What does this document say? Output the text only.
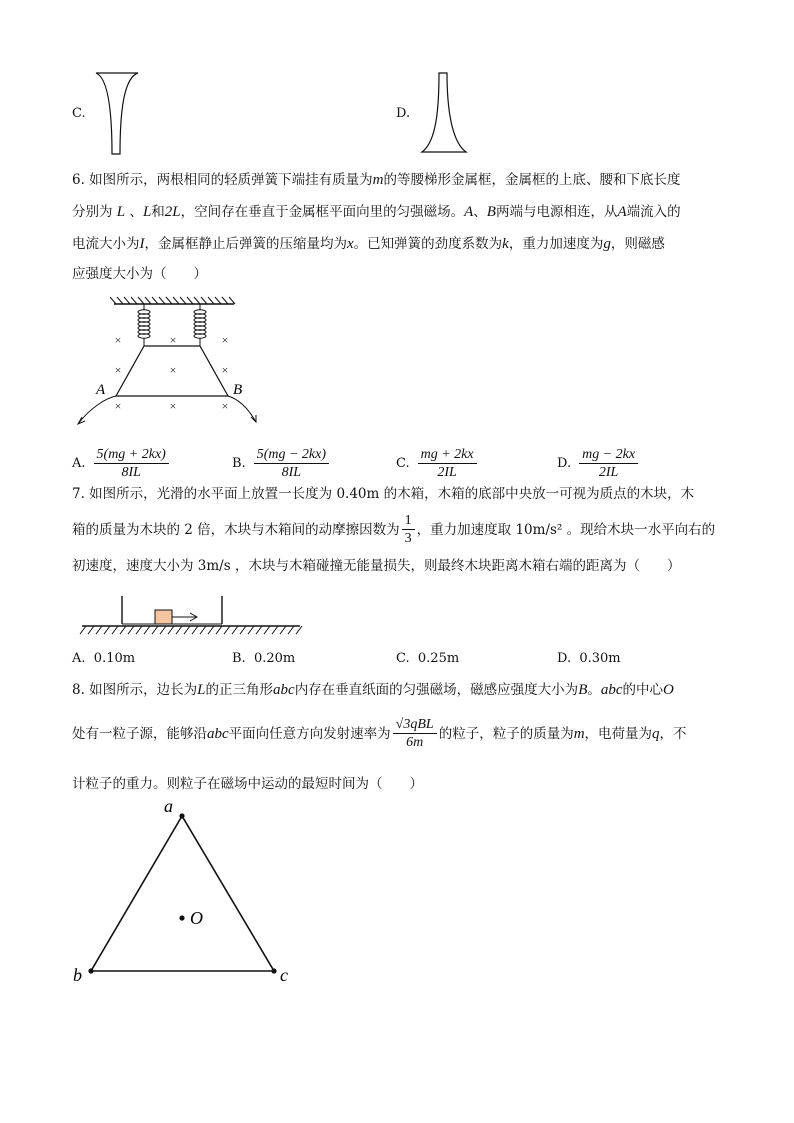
C.	D.
6. 如图所示，两根相同的轻质弹簧下端挂有质量为m的等腰梯形金属框，金属框的上底、腰和下底长度
分别为 L 、L和2L，空间存在垂直于金属框平面向里的匀强磁场。A、B两端与电源相连，从A端流入的
电流大小为I，金属框静止后弹簧的压缩量均为x。已知弹簧的劲度系数为k，重力加速度为g，则磁感
应强度大小为（　　）
×	×	×
×	×	×
×	×	×
A	B
A. $\frac{5(mg + 2kx)}{8IL}$	B. $\frac{5(mg - 2kx)}{8IL}$	C. $\frac{mg + 2kx}{2IL}$	D. $\frac{mg - 2kx}{2IL}$
7. 如图所示，光滑的水平面上放置一长度为 0.40m 的木箱，木箱的底部中央放一可视为质点的木块，木
箱的质量为木块的 2 倍，木块与木箱间的动摩擦因数为 $\frac{1}{3}$ ，重力加速度取 10m/s² 。现给木块一水平向右的
初速度，速度大小为 3m/s ，木块与木箱碰撞无能量损失，则最终木块距离木箱右端的距离为（　　）
A. 0.10m	B. 0.20m	C. 0.25m	D. 0.30m
8. 如图所示，边长为L的正三角形abc内存在垂直纸面的匀强磁场，磁感应强度大小为B。abc的中心O
处有一粒子源，能够沿 abc 平面向任意方向发射速率为 $\frac{\text{√3qBL}}{6m}$ 的粒子，粒子的质量为 m ，电荷量为 q ，不
计粒子的重力。则粒子在磁场中运动的最短时间为（　　）
a
b	c
O
